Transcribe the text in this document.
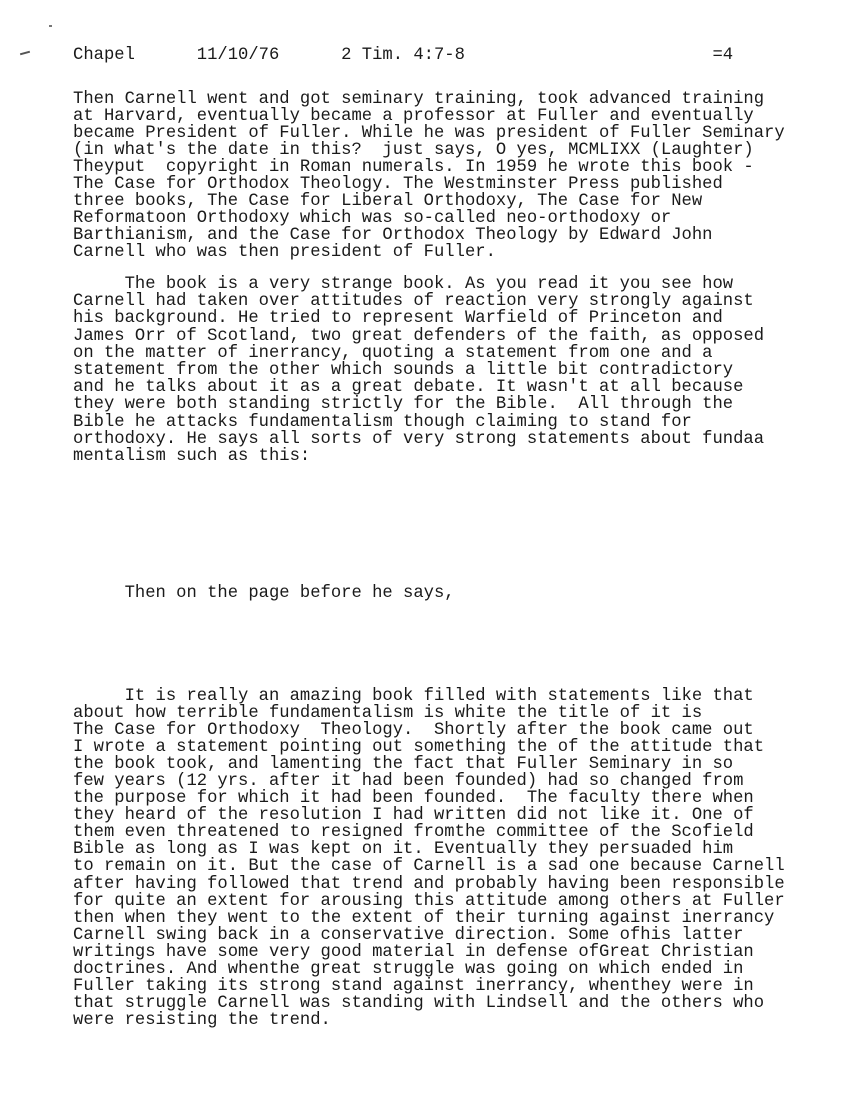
Chapel      11/10/76      2 Tim. 4:7-8                        =4
Then Carnell went and got seminary training, took advanced training
at Harvard, eventually became a professor at Fuller and eventually
became President of Fuller. While he was president of Fuller Seminary
(in what's the date in this?  just says, O yes, MCMLIXX (Laughter)
Theyput  copyright in Roman numerals. In 1959 he wrote this book -
The Case for Orthodox Theology. The Westminster Press published
three books, The Case for Liberal Orthodoxy, The Case for New
Reformatoon Orthodoxy which was so-called neo-orthodoxy or
Barthianism, and the Case for Orthodox Theology by Edward John
Carnell who was then president of Fuller.
The book is a very strange book. As you read it you see how
Carnell had taken over attitudes of reaction very strongly against
his background. He tried to represent Warfield of Princeton and
James Orr of Scotland, two great defenders of the faith, as opposed
on the matter of inerrancy, quoting a statement from one and a
statement from the other which sounds a little bit contradictory
and he talks about it as a great debate. It wasn't at all because
they were both standing strictly for the Bible.  All through the
Bible he attacks fundamentalism though claiming to stand for
orthodoxy. He says all sorts of very strong statements about fundaa
mentalism such as this:
Then on the page before he says,
It is really an amazing book filled with statements like that
about how terrible fundamentalism is white the title of it is
The Case for Orthodoxy  Theology.  Shortly after the book came out
I wrote a statement pointing out something the of the attitude that
the book took, and lamenting the fact that Fuller Seminary in so
few years (12 yrs. after it had been founded) had so changed from
the purpose for which it had been founded.  The faculty there when
they heard of the resolution I had written did not like it. One of
them even threatened to resigned fromthe committee of the Scofield
Bible as long as I was kept on it. Eventually they persuaded him
to remain on it. But the case of Carnell is a sad one because Carnell
after having followed that trend and probably having been responsible
for quite an extent for arousing this attitude among others at Fuller
then when they went to the extent of their turning against inerrancy
Carnell swing back in a conservative direction. Some ofhis latter
writings have some very good material in defense ofGreat Christian
doctrines. And whenthe great struggle was going on which ended in
Fuller taking its strong stand against inerrancy, whenthey were in
that struggle Carnell was standing with Lindsell and the others who
were resisting the trend.
